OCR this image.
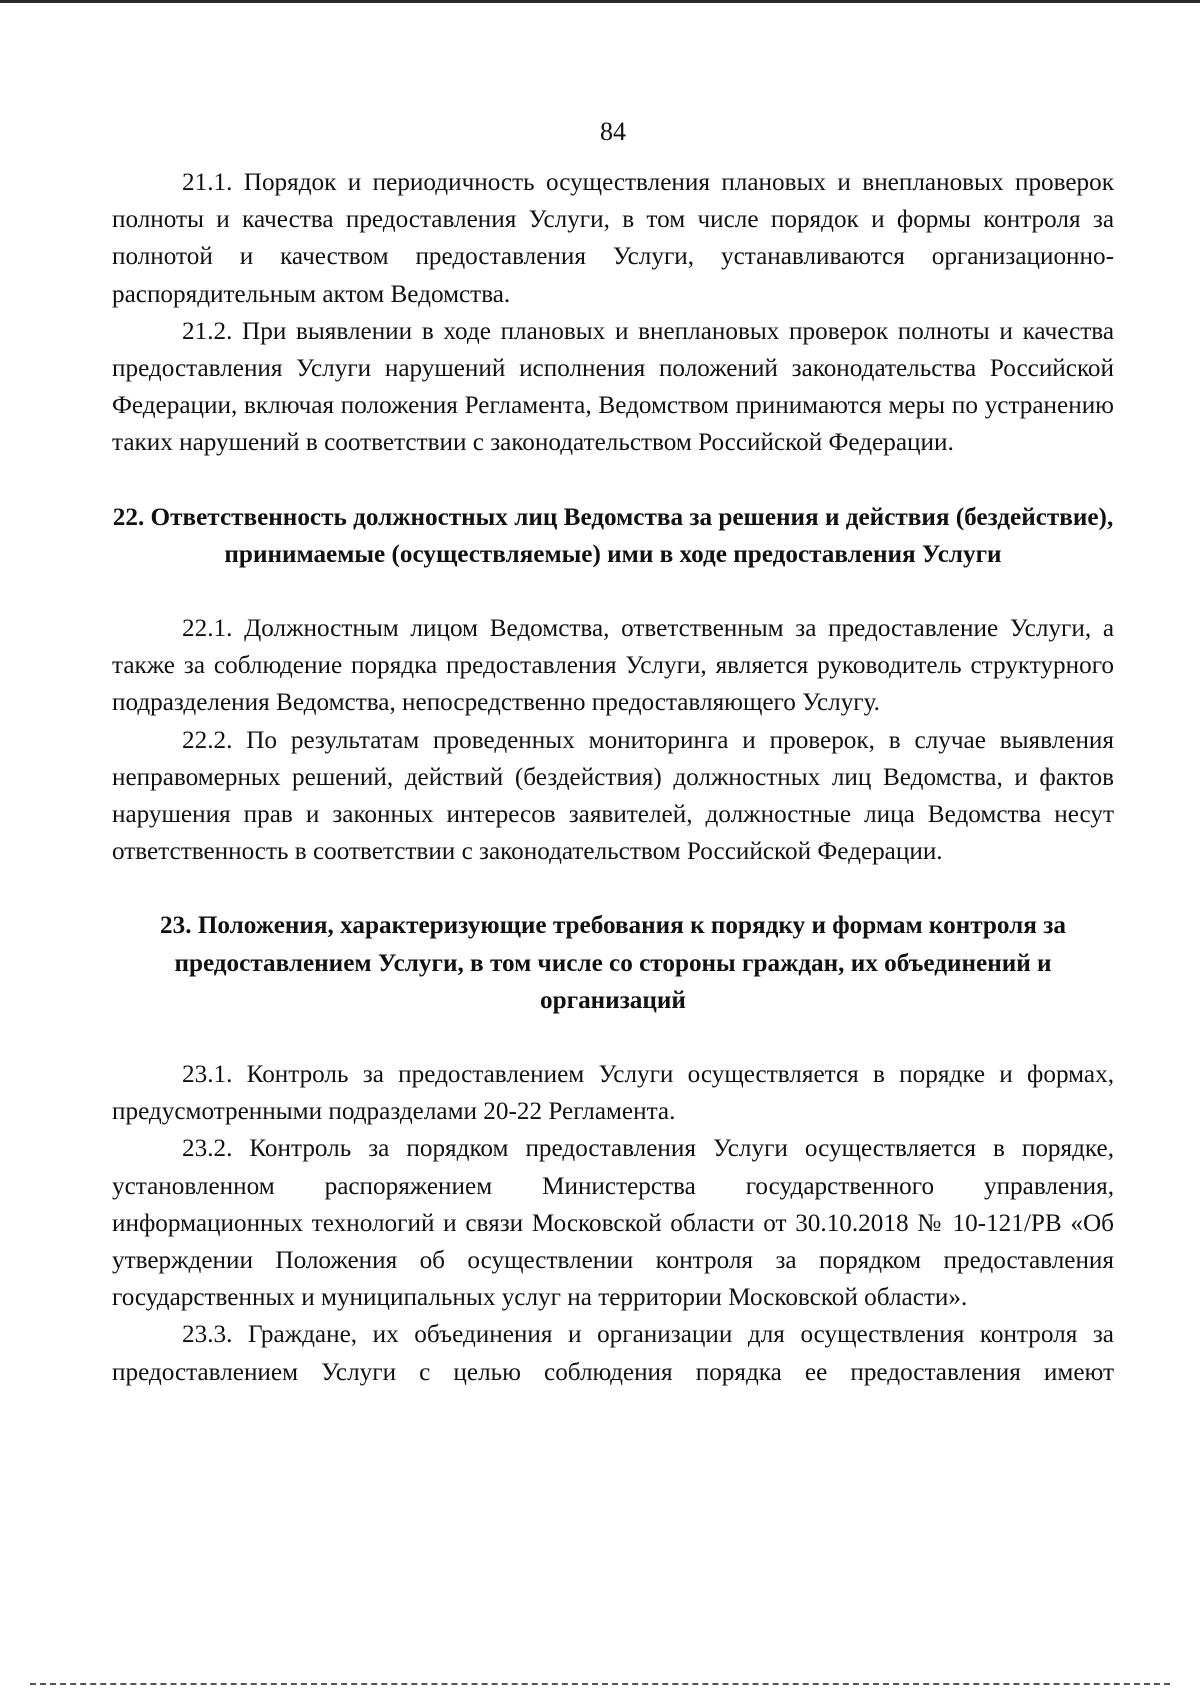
84

21.1. Порядок и периодичность осуществления плановых и внеплановых проверок полноты и качества предоставления Услуги, в том числе порядок и формы контроля за полнотой и качеством предоставления Услуги, устанавливаются организационно-распорядительным актом Ведомства.

21.2. При выявлении в ходе плановых и внеплановых проверок полноты и качества предоставления Услуги нарушений исполнения положений законодательства Российской Федерации, включая положения Регламента, Ведомством принимаются меры по устранению таких нарушений в соответствии с законодательством Российской Федерации.

22. Ответственность должностных лиц Ведомства за решения и действия (бездействие), принимаемые (осуществляемые) ими в ходе предоставления Услуги

22.1. Должностным лицом Ведомства, ответственным за предоставление Услуги, а также за соблюдение порядка предоставления Услуги, является руководитель структурного подразделения Ведомства, непосредственно предоставляющего Услугу.

22.2. По результатам проведенных мониторинга и проверок, в случае выявления неправомерных решений, действий (бездействия) должностных лиц Ведомства, и фактов нарушения прав и законных интересов заявителей, должностные лица Ведомства несут ответственность в соответствии с законодательством Российской Федерации.

23. Положения, характеризующие требования к порядку и формам контроля за предоставлением Услуги, в том числе со стороны граждан, их объединений и организаций

23.1. Контроль за предоставлением Услуги осуществляется в порядке и формах, предусмотренными подразделами 20-22 Регламента.

23.2. Контроль за порядком предоставления Услуги осуществляется в порядке, установленном распоряжением Министерства государственного управления, информационных технологий и связи Московской области от 30.10.2018 № 10-121/РВ «Об утверждении Положения об осуществлении контроля за порядком предоставления государственных и муниципальных услуг на территории Московской области».

23.3. Граждане, их объединения и организации для осуществления контроля за предоставлением Услуги с целью соблюдения порядка ее предоставления имеют
